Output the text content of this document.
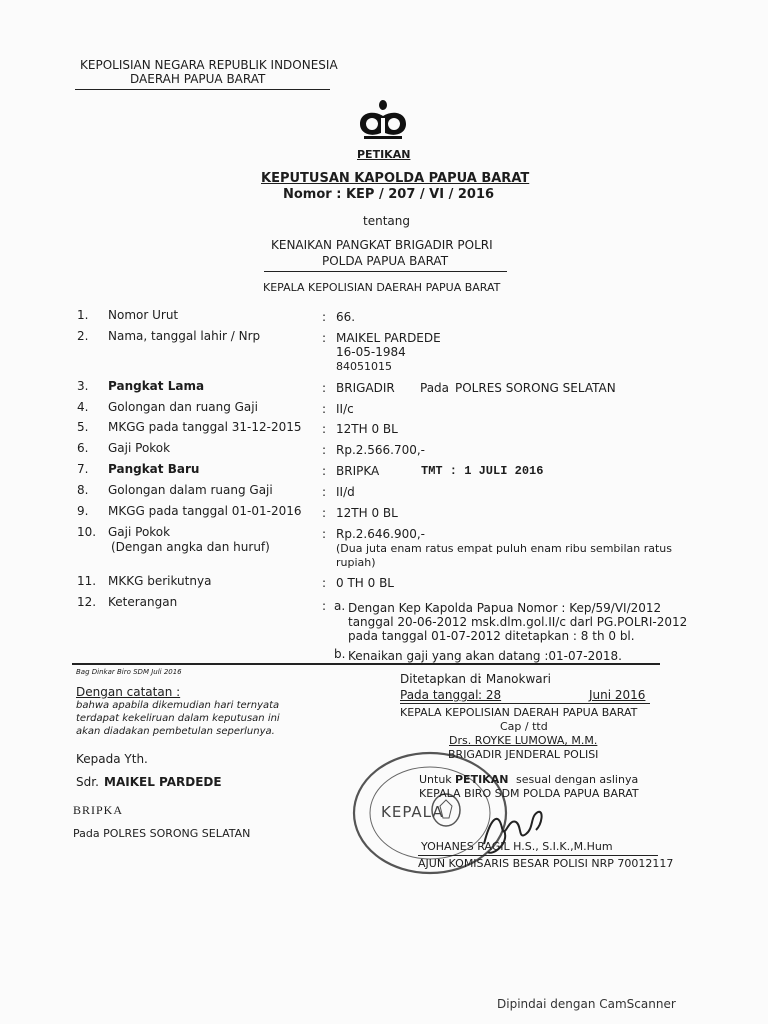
KEPOLISIAN NEGARA REPUBLIK INDONESIA
DAERAH PAPUA BARAT
PETIKAN
KEPUTUSAN KAPOLDA PAPUA BARAT
Nomor : KEP / 207 / VI / 2016
tentang
KENAIKAN PANGKAT BRIGADIR POLRI
POLDA PAPUA BARAT
KEPALA KEPOLISIAN DAERAH PAPUA BARAT
1. Nomor Urut	: 66.
2. Nama, tanggal lahir / Nrp	: MAIKEL PARDEDE
16-05-1984
84051015
3. Pangkat Lama	: BRIGADIR Pada POLRES SORONG SELATAN
4. Golongan dan ruang Gaji	: II/c
5. MKGG pada tanggal 31-12-2015 : 12TH 0 BL
6. Gaji Pokok	: Rp.2.566.700,-
7. Pangkat Baru	: BRIPKA	TMT : 1 JULI 2016
8. Golongan dalam ruang Gaji	: II/d
9. MKGG pada tanggal 01-01-2016 : 12TH 0 BL
10. Gaji Pokok
(Dengan angka dan huruf)
: Rp.2.646.900,-
(Dua juta enam ratus empat puluh enam ribu sembilan ratus
rupiah)
11. MKKG berikutnya	: 0 TH 0 BL
12. Keterangan	: a. Dengan Kep Kapolda Papua Nomor : Kep/59/VI/2012
tanggal 20-06-2012 msk.dlm.gol.II/c darl PG.POLRI-2012
pada tanggal 01-07-2012 ditetapkan : 8 th 0 bl.
b. Kenaikan gaji yang akan datang :01-07-2018.
Bag Dinkar Biro SDM Juli 2016
Dengan catatan :
bahwa apabila dikemudian hari ternyata
terdapat kekeliruan dalam keputusan ini
akan diadakan pembetulan seperlunya.
Kepada Yth.
Sdr. MAIKEL PARDEDE
BRIPKA
Pada POLRES SORONG SELATAN
KEPALA
Ditetapkan di
: Manokwari
Pada tanggal : 28	Juni 2016
KEPALA KEPOLISIAN DAERAH PAPUA BARAT
Cap / ttd
Drs. ROYKE LUMOWA, M.M.
BRIGADIR JENDERAL POLISI
Untuk PETIKAN sesual dengan aslinya
KEPALA BIRO SDM POLDA PAPUA BARAT
YOHANES RAGIL H.S., S.I.K.,M.Hum
AJUN KOMISARIS BESAR POLISI NRP 70012117
Dipindai dengan CamScanner
